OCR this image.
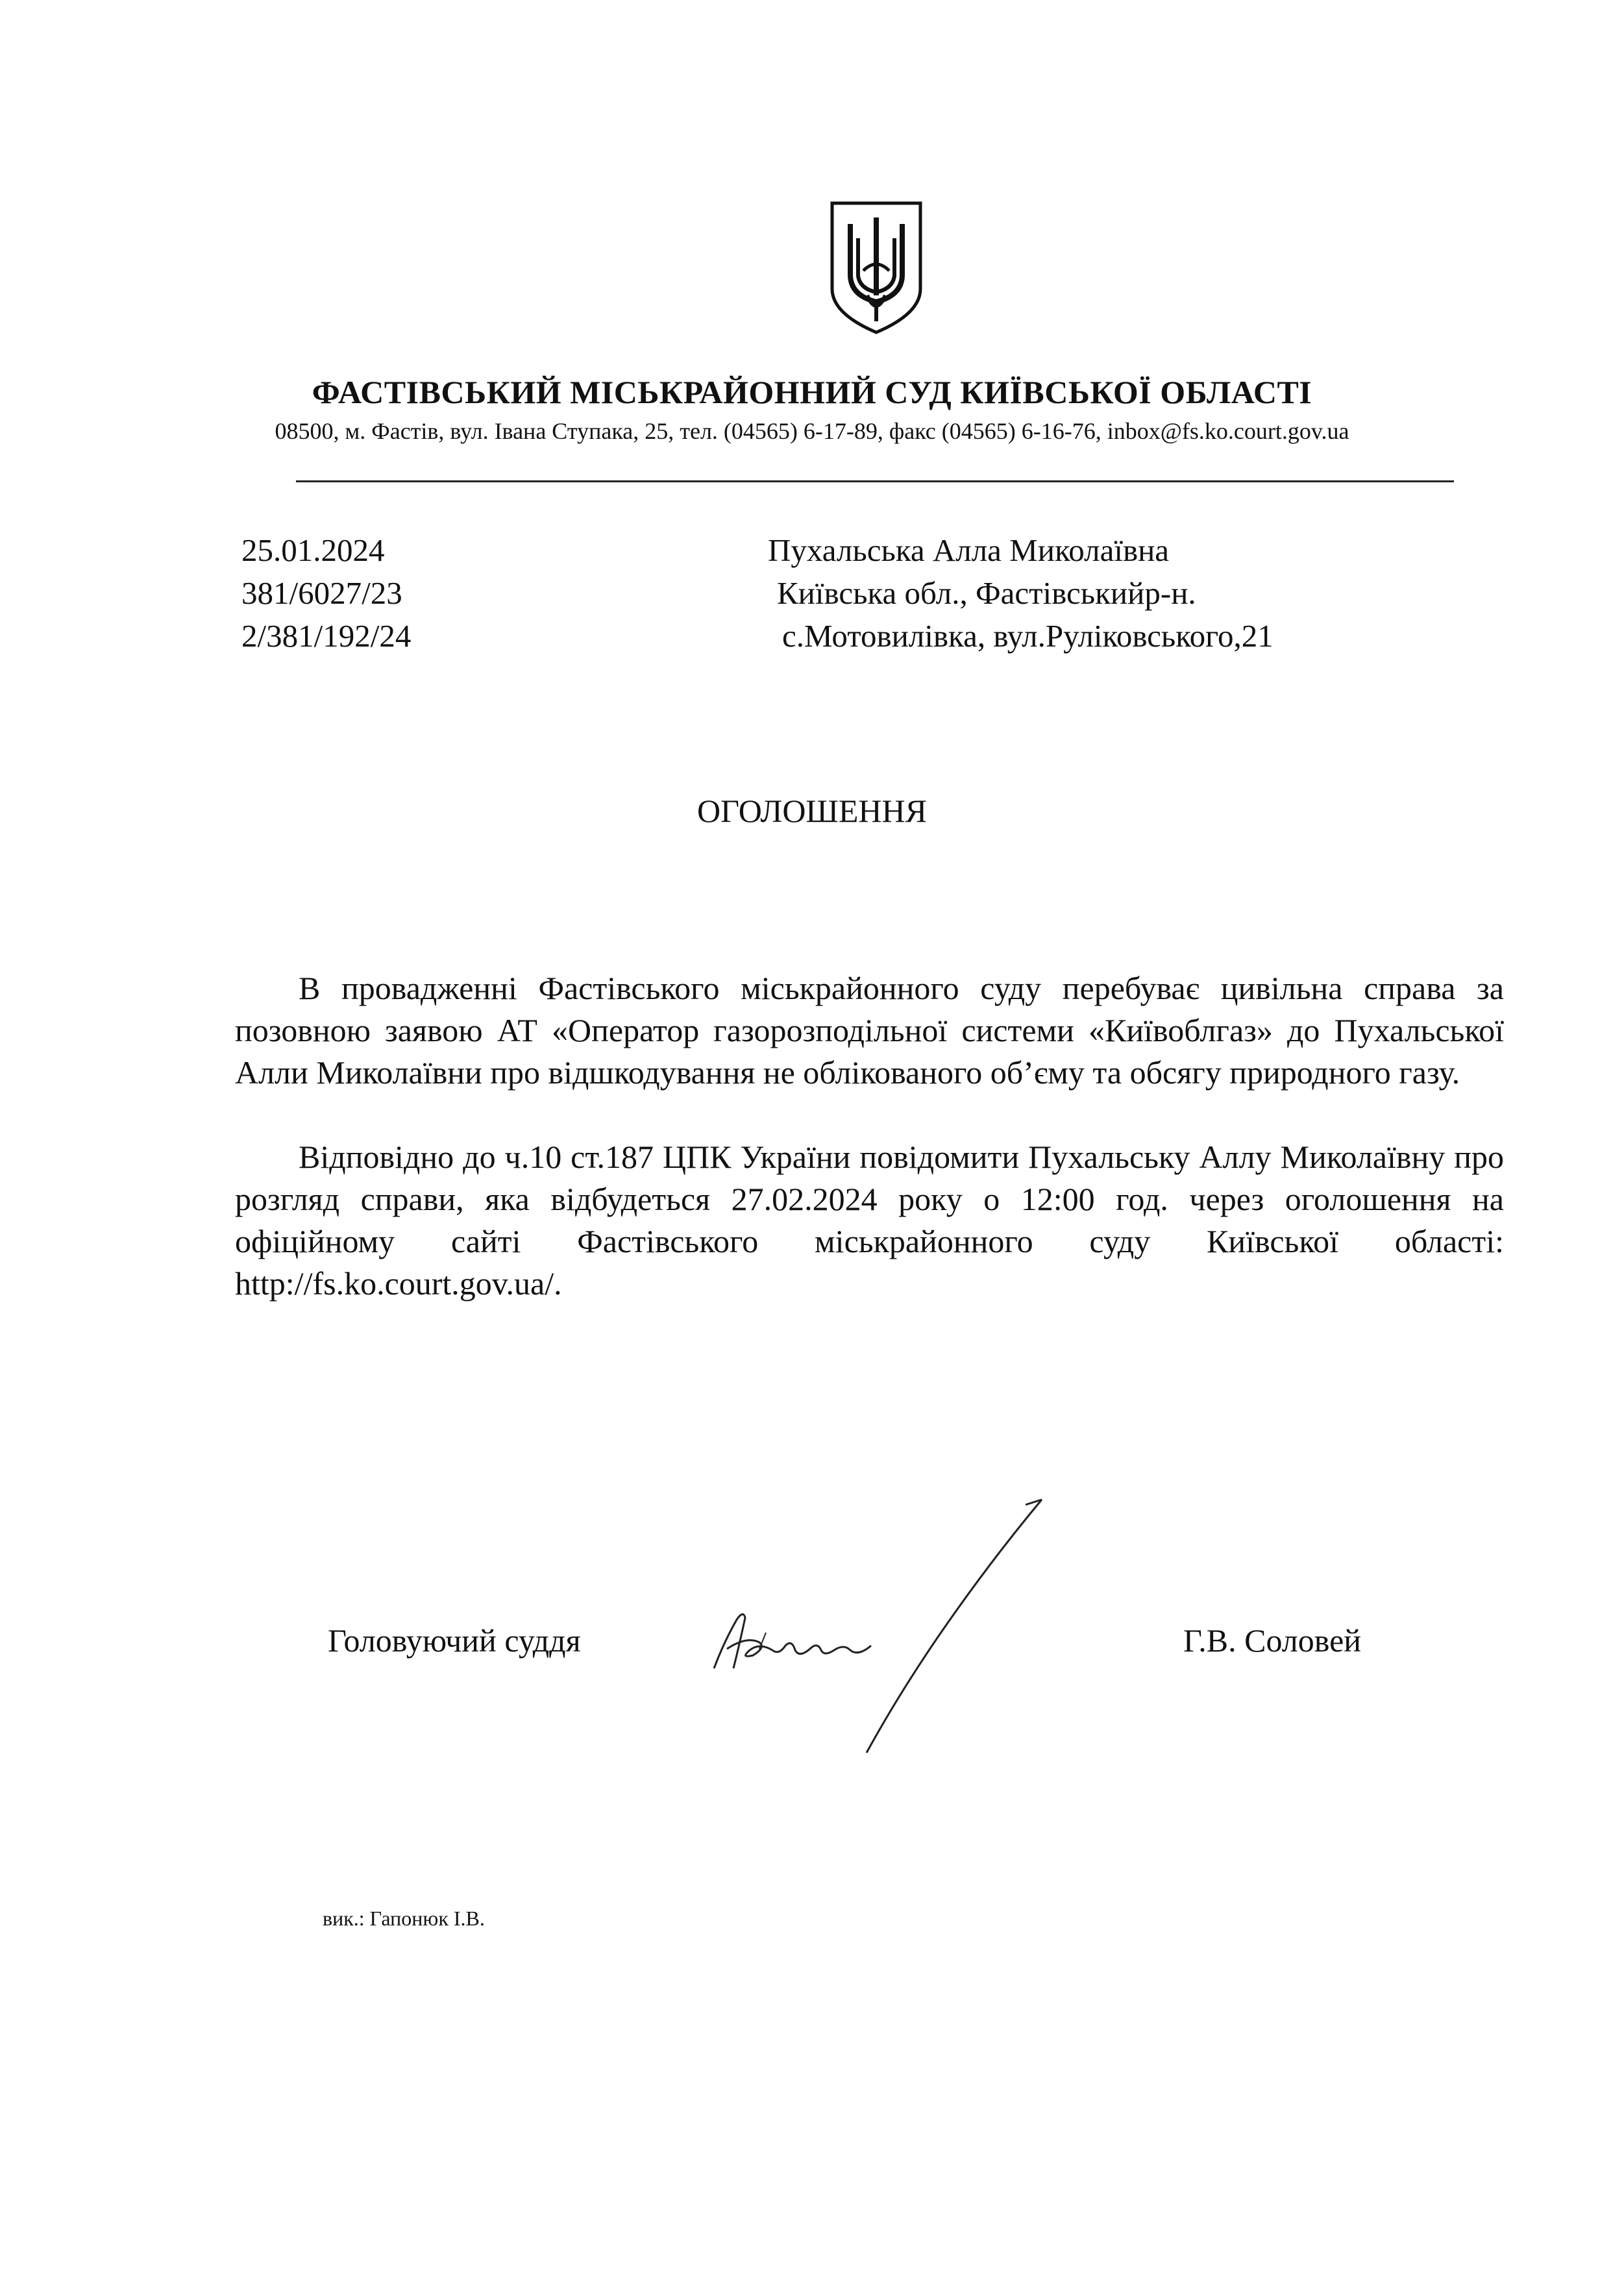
ФАСТІВСЬКИЙ МІСЬКРАЙОННИЙ СУД КИЇВСЬКОЇ ОБЛАСТІ
08500, м. Фастів, вул. Івана Ступака, 25, тел. (04565) 6-17-89, факс (04565) 6-16-76, inbox@fs.ko.court.gov.ua
25.01.2024
381/6027/23
2/381/192/24
Пухальська Алла Миколаївна
Київська обл., Фастівськийр-н.
с.Мотовилівка, вул.Руліковського,21
ОГОЛОШЕННЯ
В провадженні Фастівського міськрайонного суду перебуває цивільна справа за позовною заявою АТ «Оператор газорозподільної системи «Київоблгаз» до Пухальської Алли Миколаївни про відшкодування не облікованого об’єму та обсягу природного газу.
Відповідно до ч.10 ст.187 ЦПК України повідомити Пухальську Аллу Миколаївну про розгляд справи, яка відбудеться 27.02.2024 року о 12:00 год. через оголошення на офіційному сайті Фастівського міськрайонного суду Київської області: http://fs.ko.court.gov.ua/.
Головуючий суддя	Г.В. Соловей
вик.: Гапонюк І.В.
